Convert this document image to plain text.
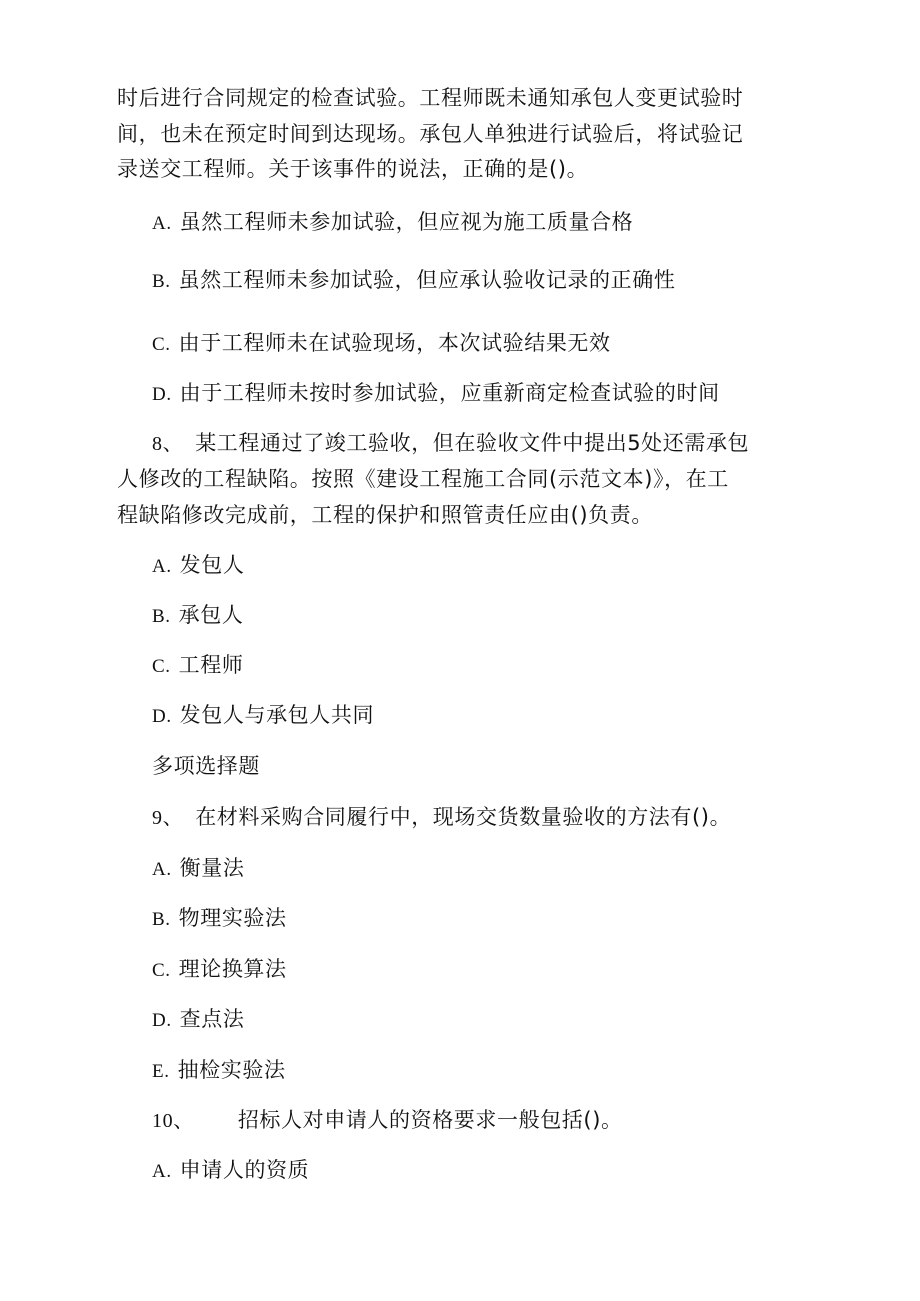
时后进行合同规定的检查试验。工程师既未通知承包人变更试验时
间，也未在预定时间到达现场。承包人单独进行试验后，将试验记
录送交工程师。关于该事件的说法，正确的是()。
A. 虽然工程师未参加试验，但应视为施工质量合格
B. 虽然工程师未参加试验，但应承认验收记录的正确性
C. 由于工程师未在试验现场，本次试验结果无效
D. 由于工程师未按时参加试验，应重新商定检查试验的时间
8、 某工程通过了竣工验收，但在验收文件中提出5处还需承包
人修改的工程缺陷。按照《建设工程施工合同(示范文本)》，在工
程缺陷修改完成前，工程的保护和照管责任应由()负责。
A. 发包人
B. 承包人
C. 工程师
D. 发包人与承包人共同
多项选择题
9、 在材料采购合同履行中，现场交货数量验收的方法有()。
A. 衡量法
B. 物理实验法
C. 理论换算法
D. 查点法
E. 抽检实验法
10、 招标人对申请人的资格要求一般包括()。
A. 申请人的资质
